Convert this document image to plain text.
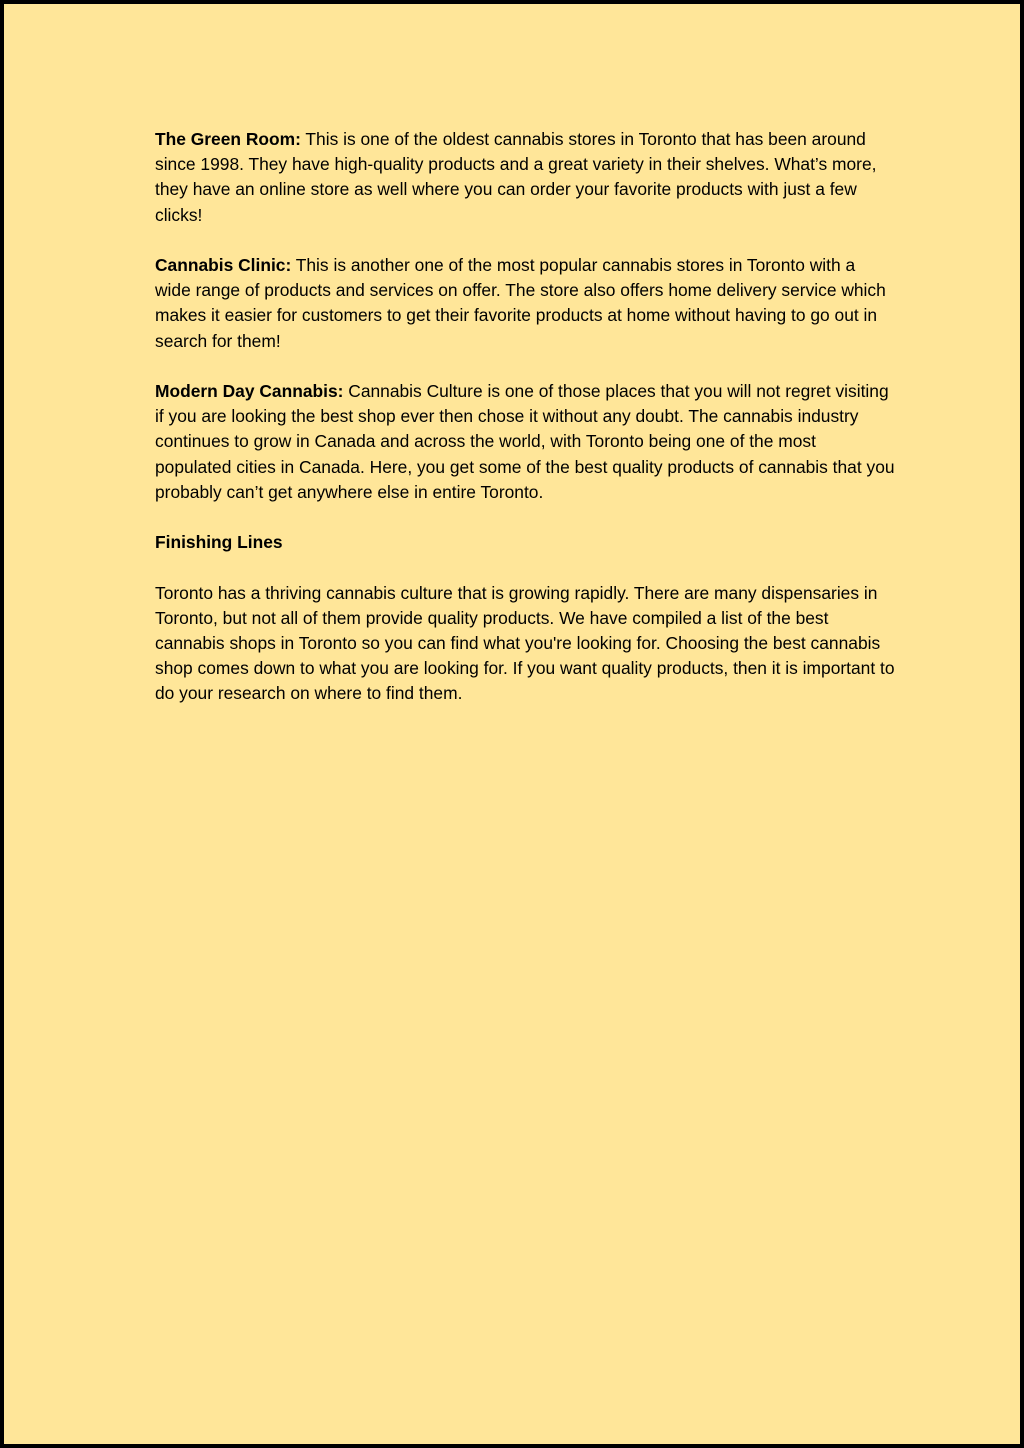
The Green Room: This is one of the oldest cannabis stores in Toronto that has been around since 1998. They have high-quality products and a great variety in their shelves. What’s more, they have an online store as well where you can order your favorite products with just a few clicks!

Cannabis Clinic: This is another one of the most popular cannabis stores in Toronto with a wide range of products and services on offer. The store also offers home delivery service which makes it easier for customers to get their favorite products at home without having to go out in search for them!

Modern Day Cannabis: Cannabis Culture is one of those places that you will not regret visiting if you are looking the best shop ever then chose it without any doubt. The cannabis industry continues to grow in Canada and across the world, with Toronto being one of the most populated cities in Canada. Here, you get some of the best quality products of cannabis that you probably can’t get anywhere else in entire Toronto.

Finishing Lines

Toronto has a thriving cannabis culture that is growing rapidly. There are many dispensaries in Toronto, but not all of them provide quality products. We have compiled a list of the best cannabis shops in Toronto so you can find what you're looking for. Choosing the best cannabis shop comes down to what you are looking for. If you want quality products, then it is important to do your research on where to find them.
